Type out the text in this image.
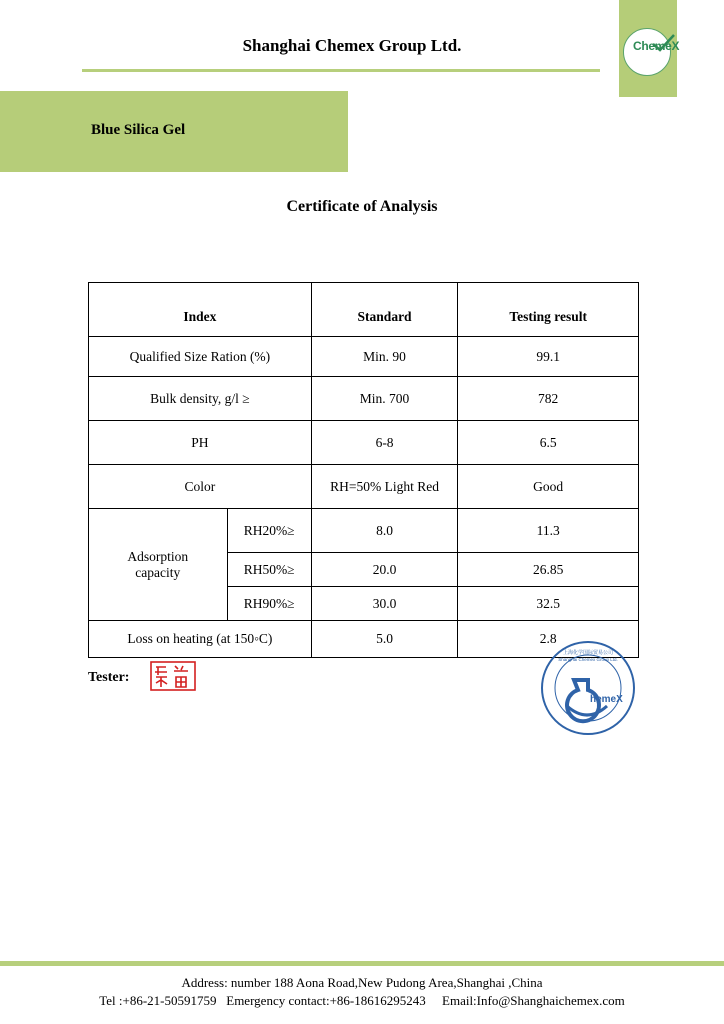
Shanghai Chemex Group Ltd.	ChemeX
Blue Silica Gel
Certificate of Analysis
Index		Standard	Testing result
Qualified Size Ration (%)		Min. 90	99.1
Bulk density, g/l ≥		Min. 700	782
PH		6-8	6.5
Color		RH=50% Light Red	Good
Adsorption capacity	RH20%≥	8.0	11.3
	RH50%≥	20.0	26.85
	RH90%≥	30.0	32.5
Loss on heating (at 150◦C)		5.0	2.8
Tester:
hemeX
上海化学国际贸易公司
Shanghai Chemex Group Ltd.
Address: number 188 Aona Road,New Pudong Area,Shanghai ,China
Tel :+86-21-50591759   Emergency contact:+86-18616295243     Email:Info@Shanghaichemex.com
